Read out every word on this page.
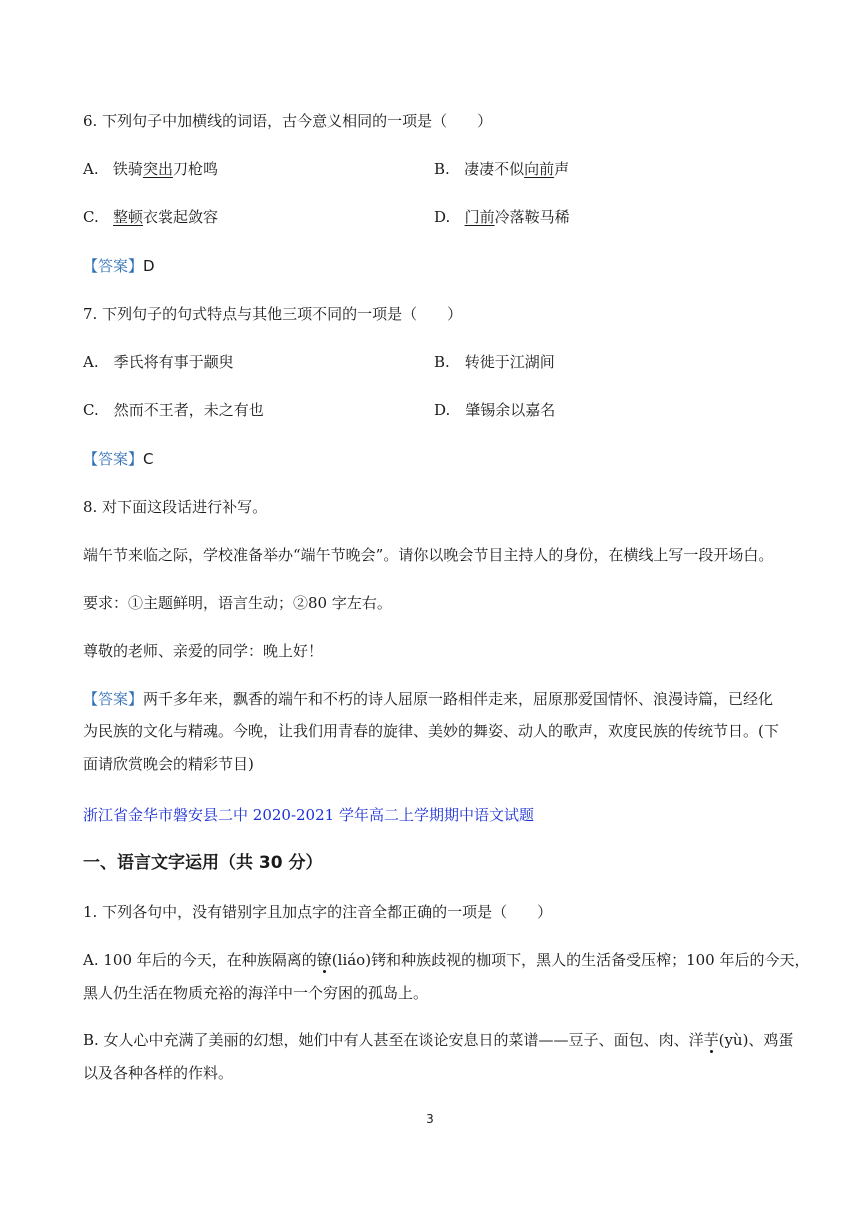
6. 下列句子中加横线的词语，古今意义相同的一项是（　　）
A. 铁骑突出刀枪鸣	B. 凄凄不似向前声
C. 整顿衣裳起敛容	D. 门前冷落鞍马稀
【答案】D
7. 下列句子的句式特点与其他三项不同的一项是（　　）
A.　季氏将有事于颛臾	B.　转徙于江湖间
C.　然而不王者，未之有也	D.　肇锡余以嘉名
【答案】C
8. 对下面这段话进行补写。
端午节来临之际，学校准备举办“端午节晚会”。请你以晚会节目主持人的身份，在横线上写一段开场白。
要求：①主题鲜明，语言生动；②80 字左右。
尊敬的老师、亲爱的同学：晚上好！
【答案】两千多年来，飘香的端午和不朽的诗人屈原一路相伴走来，屈原那爱国情怀、浪漫诗篇，已经化
为民族的文化与精魂。今晚，让我们用青春的旋律、美妙的舞姿、动人的歌声，欢度民族的传统节日。(下
面请欣赏晚会的精彩节目)
浙江省金华市磐安县二中 2020-2021 学年高二上学期期中语文试题
一、语言文字运用（共 30 分）
1. 下列各句中，没有错别字且加点字的注音全都正确的一项是（　　）
A. 100 年后的今天，在种族隔离的镣(liáo)铐和种族歧视的枷项下，黑人的生活备受压榨；100 年后的今天，
黑人仍生活在物质充裕的海洋中一个穷困的孤岛上。
B. 女人心中充满了美丽的幻想，她们中有人甚至在谈论安息日的菜谱——豆子、面包、肉、洋芋(yù)、鸡蛋
以及各种各样的作料。
3
